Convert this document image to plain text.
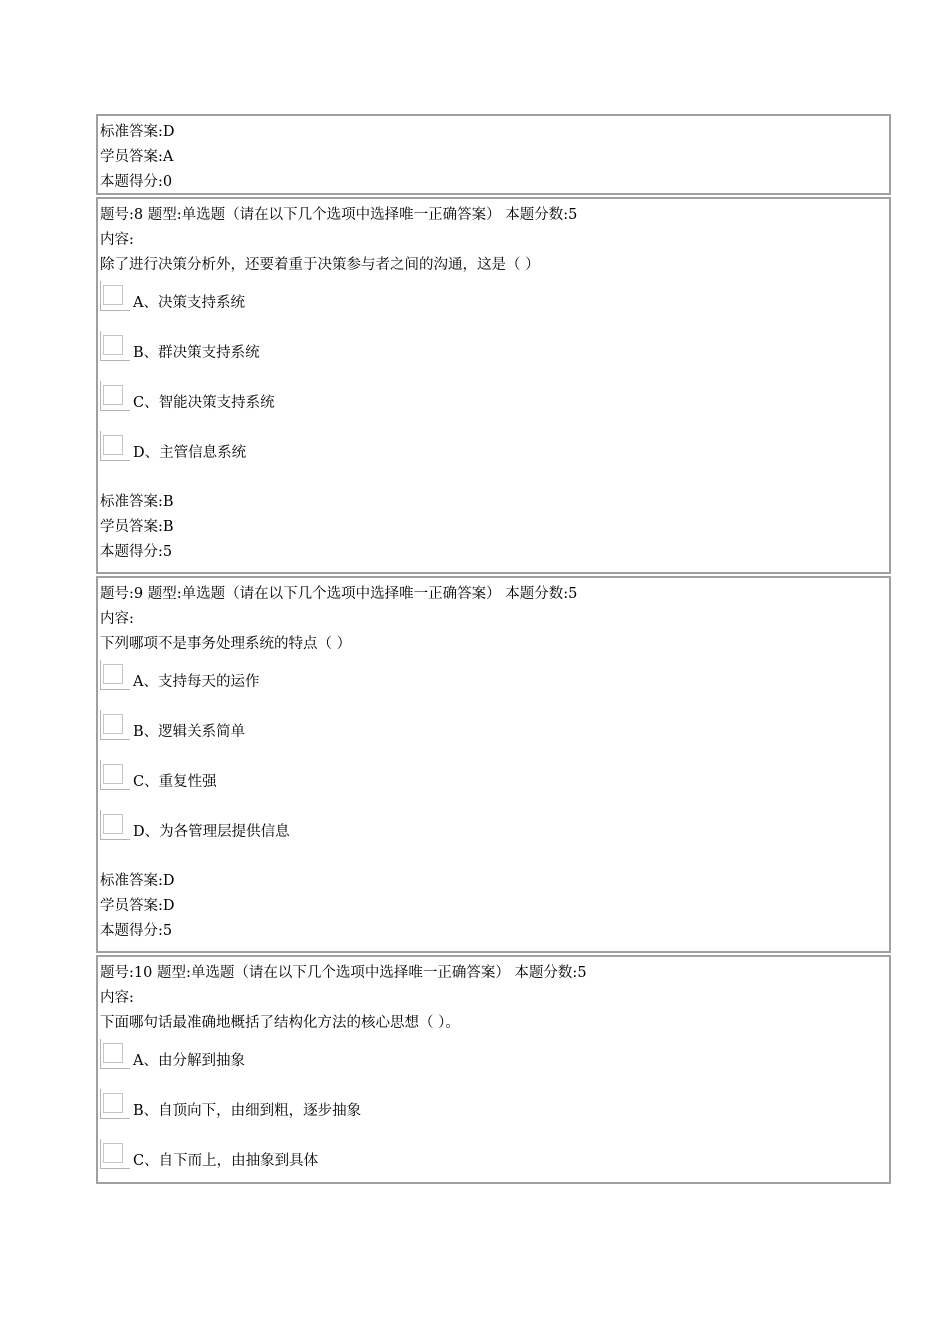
标准答案:D
学员答案:A
本题得分:0
题号:8 题型:单选题（请在以下几个选项中选择唯一正确答案） 本题分数:5
内容:
除了进行决策分析外，还要着重于决策参与者之间的沟通，这是（ ）
A、决策支持系统
B、群决策支持系统
C、智能决策支持系统
D、主管信息系统
标准答案:B
学员答案:B
本题得分:5
题号:9 题型:单选题（请在以下几个选项中选择唯一正确答案） 本题分数:5
内容:
下列哪项不是事务处理系统的特点（ ）
A、支持每天的运作
B、逻辑关系简单
C、重复性强
D、为各管理层提供信息
标准答案:D
学员答案:D
本题得分:5
题号:10 题型:单选题（请在以下几个选项中选择唯一正确答案） 本题分数:5
内容:
下面哪句话最准确地概括了结构化方法的核心思想（ ）。
A、由分解到抽象
B、自顶向下，由细到粗，逐步抽象
C、自下而上，由抽象到具体
